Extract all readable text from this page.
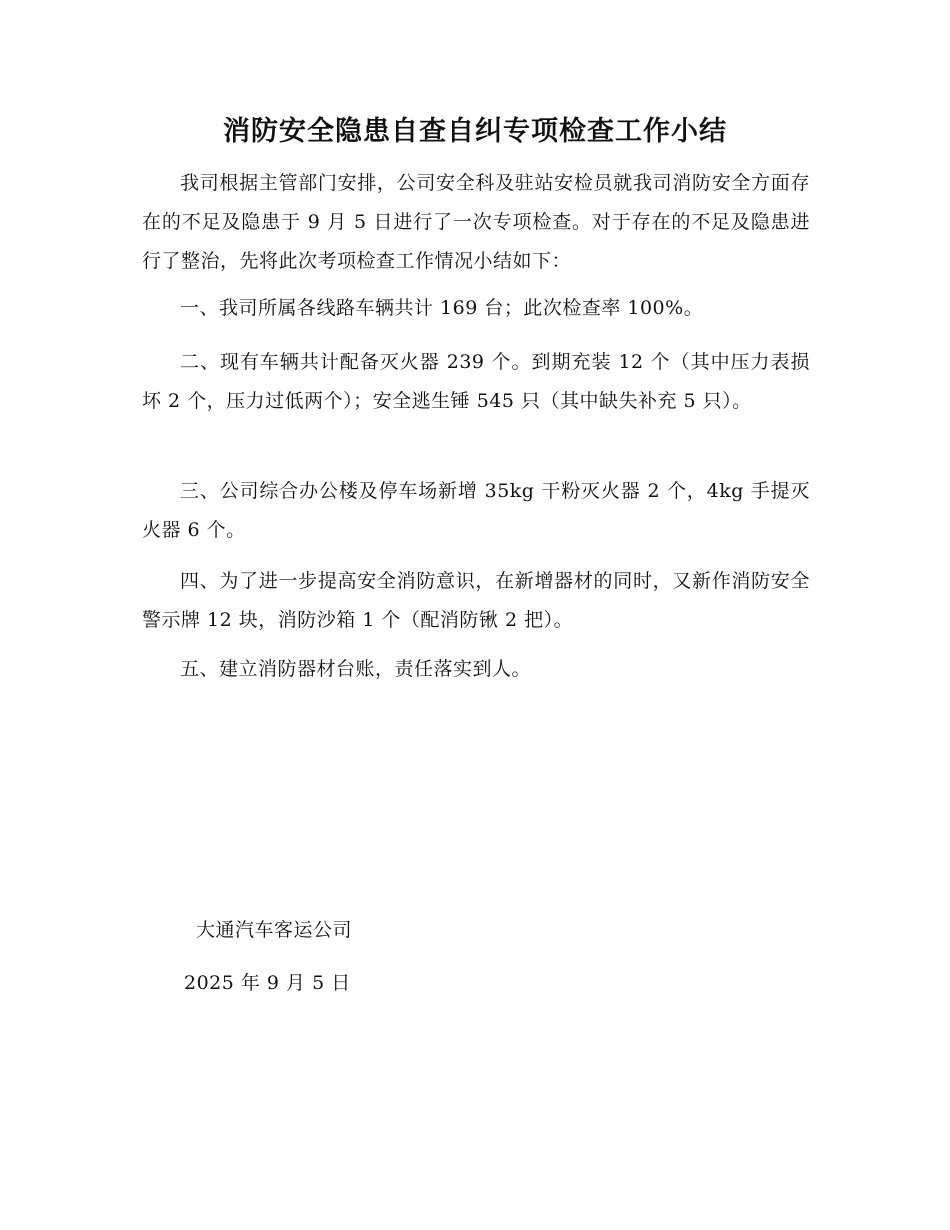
消防安全隐患自查自纠专项检查工作小结
我司根据主管部门安排，公司安全科及驻站安检员就我司消防安全方面存在的不足及隐患于 9 月 5 日进行了一次专项检查。对于存在的不足及隐患进行了整治，先将此次考项检查工作情况小结如下：
一、我司所属各线路车辆共计 169 台；此次检查率 100%。
二、现有车辆共计配备灭火器 239 个。到期充装 12 个（其中压力表损坏 2 个，压力过低两个）；安全逃生锤 545 只（其中缺失补充 5 只）。
三、公司综合办公楼及停车场新增 35kg 干粉灭火器 2 个，4kg 手提灭火器 6 个。
四、为了进一步提高安全消防意识，在新增器材的同时，又新作消防安全警示牌 12 块，消防沙箱 1 个（配消防锹 2 把）。
五、建立消防器材台账，责任落实到人。
大通汽车客运公司
2025 年 9 月 5 日
